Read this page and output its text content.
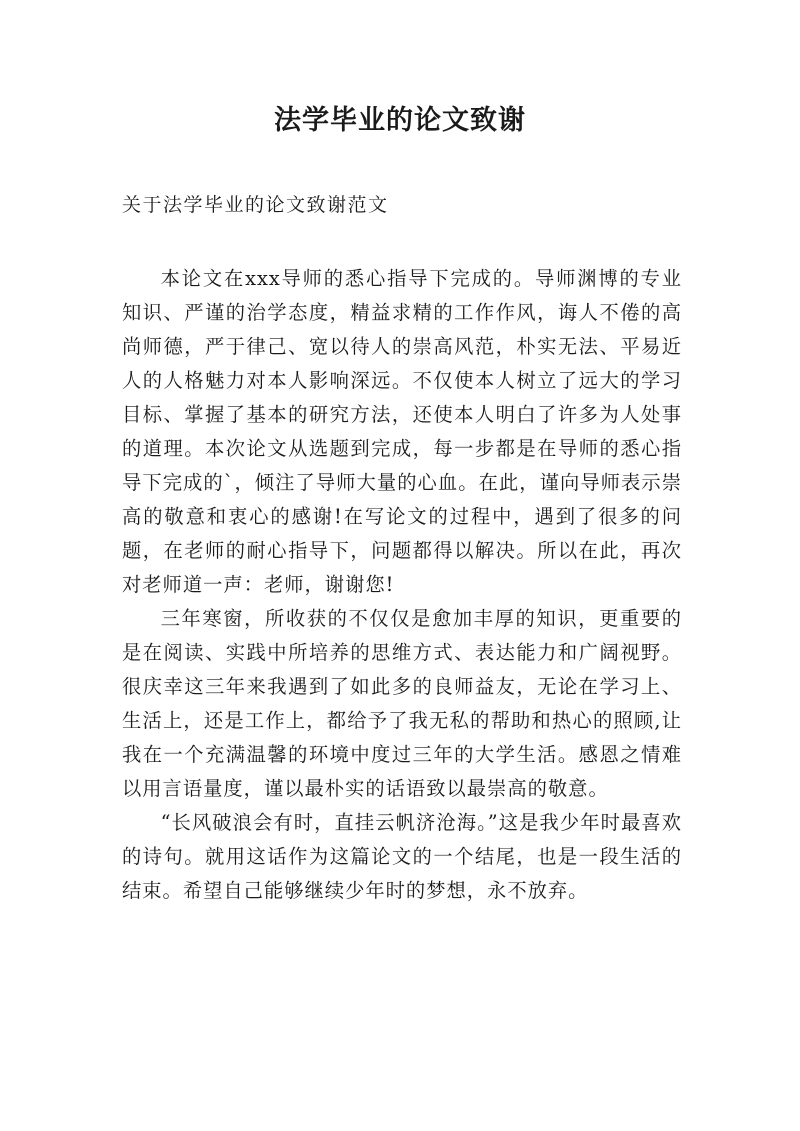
法学毕业的论文致谢

关于法学毕业的论文致谢范文

本论文在xxx导师的悉心指导下完成的。导师渊博的专业知识、严谨的治学态度，精益求精的工作作风，诲人不倦的高尚师德，严于律己、宽以待人的崇高风范，朴实无法、平易近人的人格魅力对本人影响深远。不仅使本人树立了远大的学习目标、掌握了基本的研究方法，还使本人明白了许多为人处事的道理。本次论文从选题到完成，每一步都是在导师的悉心指导下完成的`，倾注了导师大量的心血。在此，谨向导师表示崇高的敬意和衷心的感谢!在写论文的过程中，遇到了很多的问题，在老师的耐心指导下，问题都得以解决。所以在此，再次对老师道一声：老师，谢谢您!

三年寒窗，所收获的不仅仅是愈加丰厚的知识，更重要的是在阅读、实践中所培养的思维方式、表达能力和广阔视野。很庆幸这三年来我遇到了如此多的良师益友，无论在学习上、生活上，还是工作上，都给予了我无私的帮助和热心的照顾,让我在一个充满温馨的环境中度过三年的大学生活。感恩之情难以用言语量度，谨以最朴实的话语致以最崇高的敬意。

“长风破浪会有时，直挂云帆济沧海。”这是我少年时最喜欢的诗句。就用这话作为这篇论文的一个结尾，也是一段生活的结束。希望自己能够继续少年时的梦想，永不放弃。
